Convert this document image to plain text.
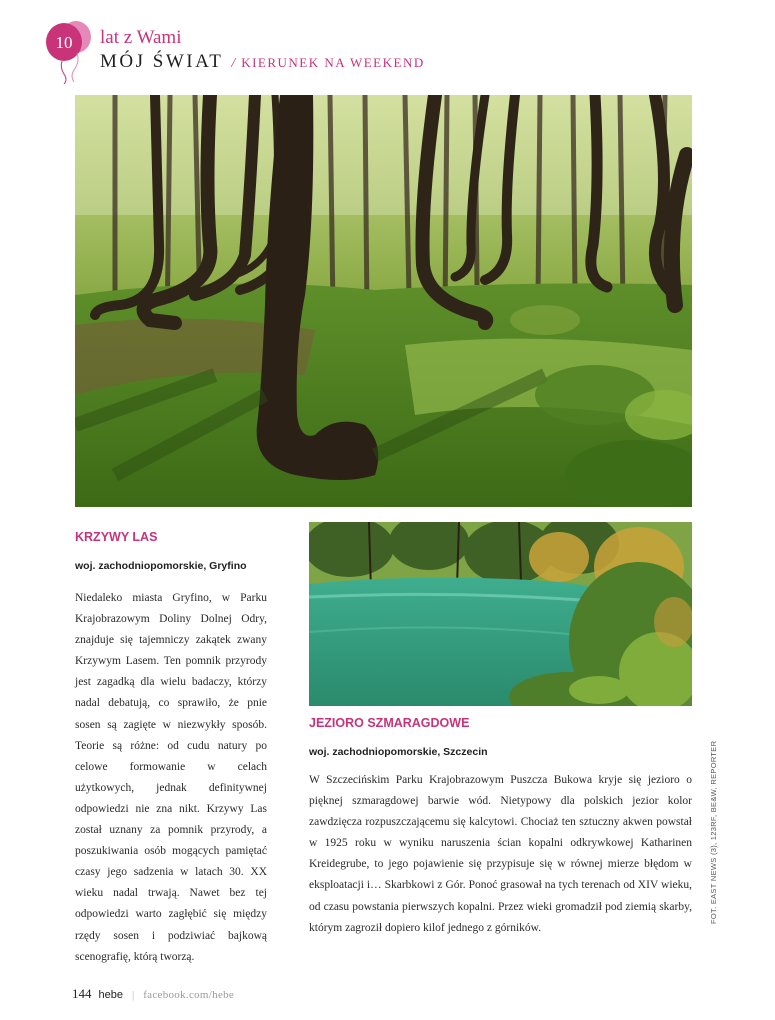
10 lat z Wami
MÓJ ŚWIAT / KIERUNEK NA WEEKEND
KRZYWY LAS
woj. zachodniopomorskie, Gryfino
Niedaleko miasta Gryfino, w Parku Krajobrazowym Doliny Dolnej Odry, znajduje się tajemniczy zakątek zwany Krzywym Lasem. Ten pomnik przyrody jest zagadką dla wielu badaczy, którzy nadal debatują, co sprawiło, że pnie sosen są zagięte w niezwykły sposób. Teorie są różne: od cudu natury po celowe formowanie w celach użytkowych, jednak definitywnej odpowiedzi nie zna nikt. Krzywy Las został uznany za pomnik przyrody, a poszukiwania osób mogących pamiętać czasy jego sadzenia w latach 30. XX wieku nadal trwają. Nawet bez tej odpowiedzi warto zagłębić się między rzędy sosen i podziwiać bajkową scenografię, którą tworzą.
JEZIORO SZMARAGDOWE
woj. zachodniopomorskie, Szczecin
W Szczecińskim Parku Krajobrazowym Puszcza Bukowa kryje się jezioro o pięknej szmaragdowej barwie wód. Nietypowy dla polskich jezior kolor zawdzięcza rozpuszczającemu się kalcytowi. Chociaż ten sztuczny akwen powstał w 1925 roku w wyniku naruszenia ścian kopalni odkrywkowej Katharinen Kreidegrube, to jego pojawienie się przypisuje się w równej mierze błędom w eksploatacji i… Skarbkowi z Gór. Ponoć grasował na tych terenach od XIV wieku, od czasu powstania pierwszych kopalni. Przez wieki gromadził pod ziemią skarby, którym zagroził dopiero kilof jednego z górników.
FOT. EAST NEWS (3), 123RF, BE&W, REPORTER
144 hebe | facebook.com/hebe
